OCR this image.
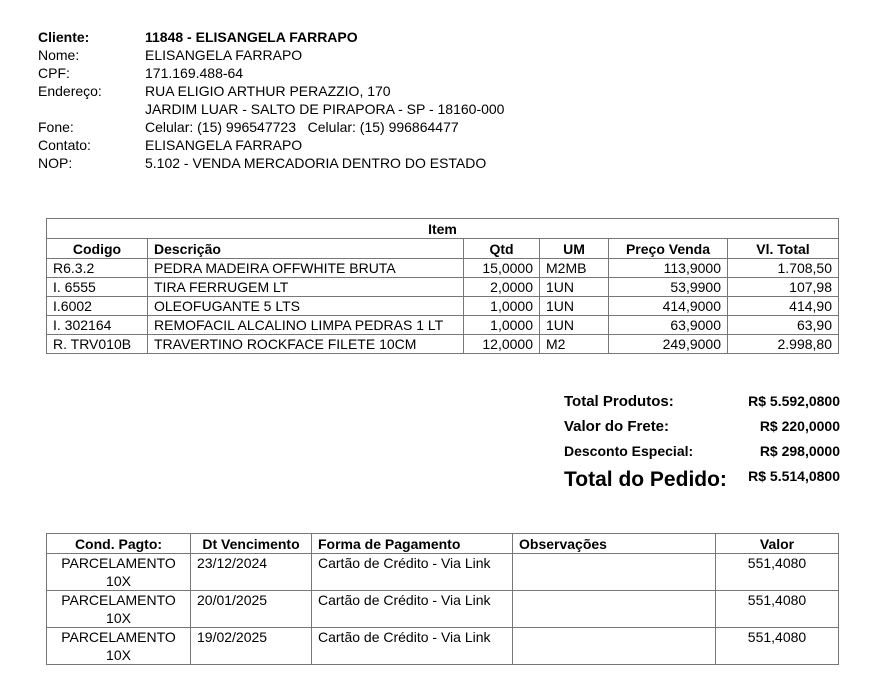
Cliente:	11848 - ELISANGELA FARRAPO
Nome:	ELISANGELA FARRAPO
CPF:	171.169.488-64
Endereço:	RUA ELIGIO ARTHUR PERAZZIO, 170
JARDIM LUAR - SALTO DE PIRAPORA - SP - 18160-000
Fone:	Celular: (15) 996547723   Celular: (15) 996864477
Contato:	ELISANGELA FARRAPO
NOP:	5.102 - VENDA MERCADORIA DENTRO DO ESTADO
Item					
Codigo	Descrição	Qtd	UM	Preço Venda	Vl. Total
R6.3.2	PEDRA MADEIRA OFFWHITE BRUTA	15,0000	M2MB	113,9000	1.708,50
I. 6555	TIRA FERRUGEM LT	2,0000	1UN	53,9900	107,98
I.6002	OLEOFUGANTE 5 LTS	1,0000	1UN	414,9000	414,90
I. 302164	REMOFACIL ALCALINO LIMPA PEDRAS 1 LT	1,0000	1UN	63,9000	63,90
R. TRV010B	TRAVERTINO ROCKFACE FILETE 10CM	12,0000	M2	249,9000	2.998,80
Total Produtos:	R$ 5.592,0800
Valor do Frete:	R$ 220,0000
Desconto Especial:	R$ 298,0000
Total do Pedido: R$ 5.514,0800
Cond. Pagto:	Dt Vencimento	Forma de Pagamento	Observações	Valor
PARCELAMENTO 10X	23/12/2024	Cartão de Crédito - Via Link		551,4080
PARCELAMENTO 10X	20/01/2025	Cartão de Crédito - Via Link		551,4080
PARCELAMENTO 10X	19/02/2025	Cartão de Crédito - Via Link		551,4080
